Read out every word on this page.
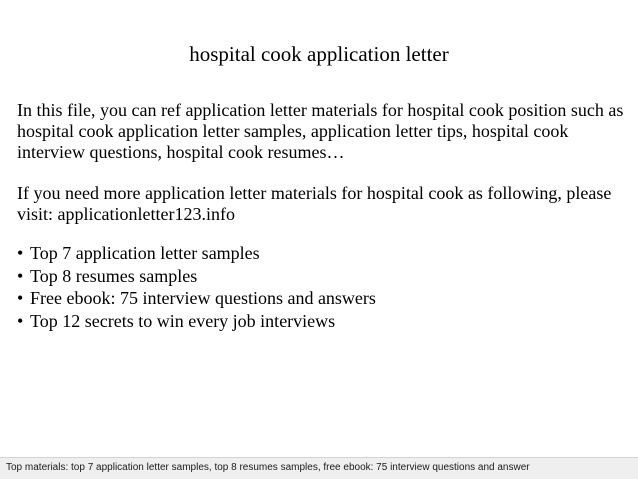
hospital cook application letter
In this file, you can ref application letter materials for hospital cook position such as
hospital cook application letter samples, application letter tips, hospital cook
interview questions, hospital cook resumes…
If you need more application letter materials for hospital cook as following, please
visit: applicationletter123.info
• Top 7 application letter samples
• Top 8 resumes samples
• Free ebook: 75 interview questions and answers
• Top 12 secrets to win every job interviews
Top materials: top 7 application letter samples, top 8 resumes samples, free ebook: 75 interview questions and answer
